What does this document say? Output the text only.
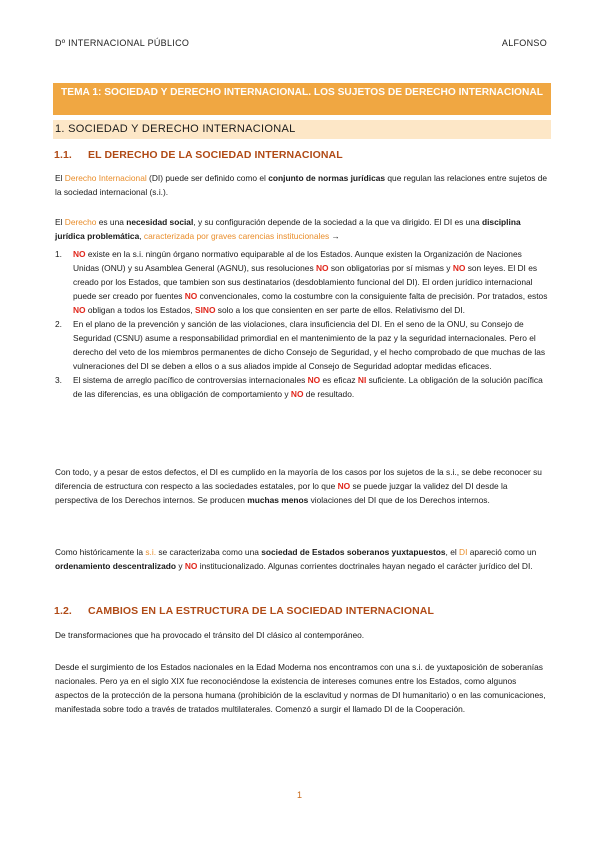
Dº INTERNACIONAL PÚBLICO	ALFONSO
TEMA 1: SOCIEDAD Y DERECHO INTERNACIONAL. LOS SUJETOS DE DERECHO INTERNACIONAL
1. SOCIEDAD Y DERECHO INTERNACIONAL
1.1. EL DERECHO DE LA SOCIEDAD INTERNACIONAL
El Derecho Internacional (DI) puede ser definido como el conjunto de normas jurídicas que regulan las relaciones entre sujetos de la sociedad internacional (s.i.).
El Derecho es una necesidad social, y su configuración depende de la sociedad a la que va dirigido. El DI es una disciplina jurídica problemática, caracterizada por graves carencias institucionales →
1. NO existe en la s.i. ningún órgano normativo equiparable al de los Estados. Aunque existen la Organización de Naciones Unidas (ONU) y su Asamblea General (AGNU), sus resoluciones NO son obligatorias por sí mismas y NO son leyes. El DI es creado por los Estados, que tambien son sus destinatarios (desdoblamiento funcional del DI). El orden jurídico internacional puede ser creado por fuentes NO convencionales, como la costumbre con la consiguiente falta de precisión. Por tratados, estos NO obligan a todos los Estados, SINO solo a los que consienten en ser parte de ellos. Relativismo del DI.
2. En el plano de la prevención y sanción de las violaciones, clara insuficiencia del DI. En el seno de la ONU, su Consejo de Seguridad (CSNU) asume a responsabilidad primordial en el mantenimiento de la paz y la seguridad internacionales. Pero el derecho del veto de los miembros permanentes de dicho Consejo de Seguridad, y el hecho comprobado de que muchas de las vulneraciones del DI se deben a ellos o a sus aliados impide al Consejo de Seguridad adoptar medidas eficaces.
3. El sistema de arreglo pacífico de controversias internacionales NO es eficaz NI suficiente. La obligación de la solución pacífica de las diferencias, es una obligación de comportamiento y NO de resultado.
Con todo, y a pesar de estos defectos, el DI es cumplido en la mayoría de los casos por los sujetos de la s.i., se debe reconocer su diferencia de estructura con respecto a las sociedades estatales, por lo que NO se puede juzgar la validez del DI desde la perspectiva de los Derechos internos. Se producen muchas menos violaciones del DI que de los Derechos internos.
Como históricamente la s.i. se caracterizaba como una sociedad de Estados soberanos yuxtapuestos, el DI apareció como un ordenamiento descentralizado y NO institucionalizado. Algunas corrientes doctrinales hayan negado el carácter jurídico del DI.
1.2. CAMBIOS EN LA ESTRUCTURA DE LA SOCIEDAD INTERNACIONAL
De transformaciones que ha provocado el tránsito del DI clásico al contemporáneo.
Desde el surgimiento de los Estados nacionales en la Edad Moderna nos encontramos con una s.i. de yuxtaposición de soberanías nacionales. Pero ya en el siglo XIX fue reconociéndose la existencia de intereses comunes entre los Estados, como algunos aspectos de la protección de la persona humana (prohibición de la esclavitud y normas de DI humanitario) o en las comunicaciones, manifestada sobre todo a través de tratados multilaterales. Comenzó a surgir el llamado DI de la Cooperación.
1
